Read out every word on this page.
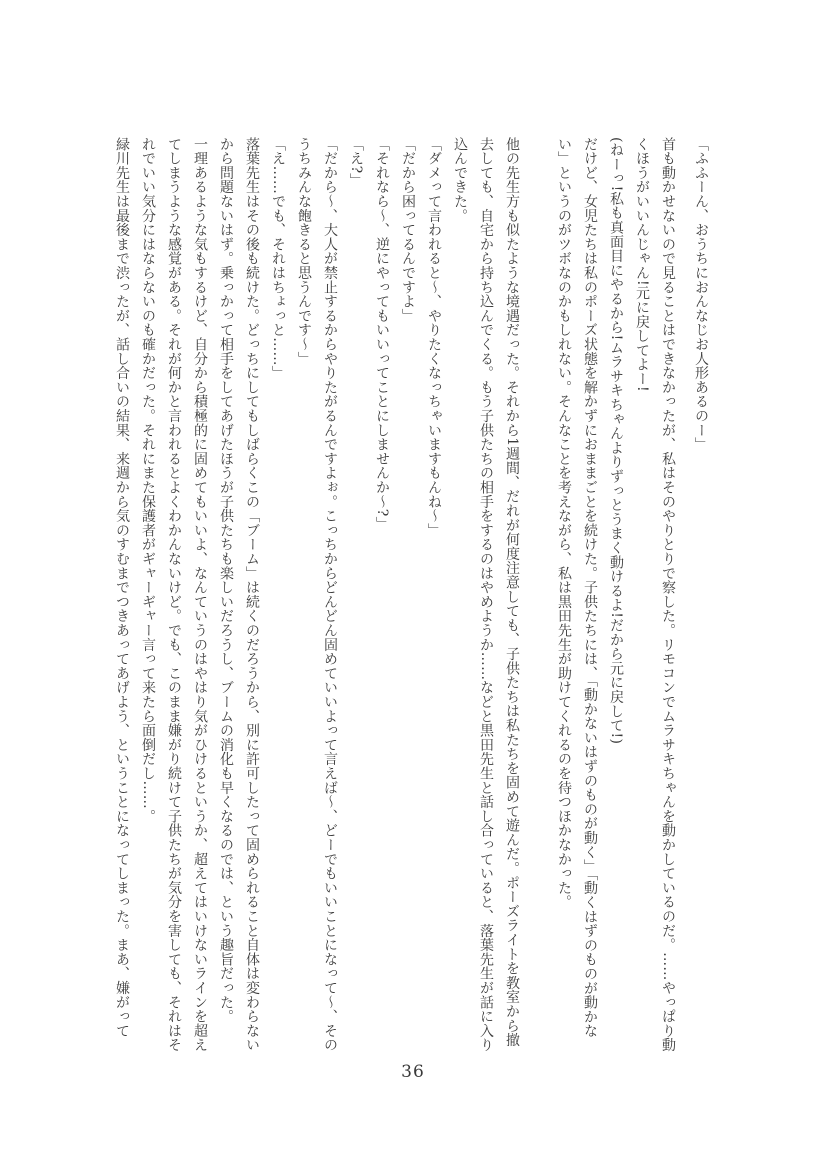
「ふふーん、おうちにおんなじお人形あるのー」

首も動かせないので見ることはできなかったが、私はそのやりとりで察した。リモコンでムラサキちゃんを動かしているのだ。……やっぱり動くほうがいいんじゃん!元に戻してよー!

(ねーっ!私も真面目にやるから!ムラサキちゃんよりずっとうまく動けるよ!だから元に戻して!)

だけど、女児たちは私のポーズ状態を解かずにおままごとを続けた。子供たちには、「動かないはずのものが動く」「動くはずのものが動かない」というのがツボなのかもしれない。そんなことを考えながら、私は黒田先生が助けてくれるのを待つほかなかった。

他の先生方も似たような境遇だった。それから1週間、だれが何度注意しても、子供たちは私たちを固めて遊んだ。ポーズライトを教室から撤去しても、自宅から持ち込んでくる。もう子供たちの相手をするのはやめようか……などと黒田先生と話し合っていると、落葉先生が話に入り込んできた。

「ダメって言われると〜、やりたくなっちゃいますもんね〜」

「だから困ってるんですよ」

「それなら〜、逆にやってもいいってことにしませんか〜?」

「え?」

「だから〜、大人が禁止するからやりたがるんですよぉ。こっちからどんどん固めていいよって言えば〜、どーでもいいことになって〜、そのうちみんな飽きると思うんです〜」

「え……でも、それはちょっと……」

落葉先生はその後も続けた。どっちにしてもしばらくこの「ブーム」は続くのだろうから、別に許可したって固められること自体は変わらないから問題ないはず。乗っかって相手をしてあげたほうが子供たちも楽しいだろうし、ブームの消化も早くなるのでは、という趣旨だった。

一理あるような気もするけど、自分から積極的に固めてもいいよ、なんていうのはやはり気がひけるというか、超えてはいけないラインを超えてしまうような感覚がある。それが何かと言われるとよくわかんないけど。でも、このまま嫌がり続けて子供たちが気分を害しても、それはそれでいい気分にはならないのも確かだった。それにまた保護者がギャーギャー言って来たら面倒だし……。

緑川先生は最後まで渋ったが、話し合いの結果、来週から気のすむまでつきあってあげよう、ということになってしまった。まあ、嫌がって

36
